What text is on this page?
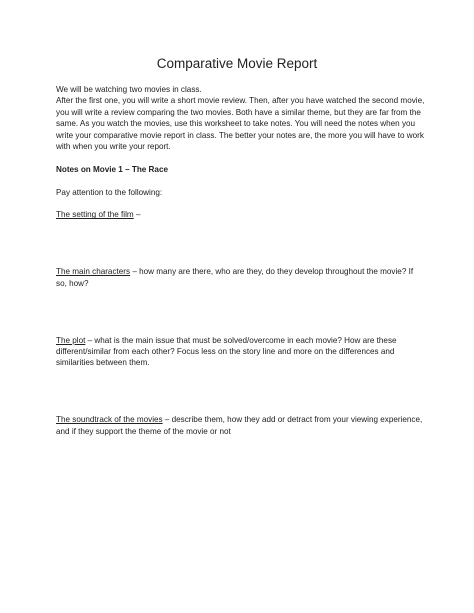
Comparative Movie Report

We will be watching two movies in class.

After the first one, you will write a short movie review. Then, after you have watched the second movie, you will write a review comparing the two movies. Both have a similar theme, but they are far from the same. As you watch the movies, use this worksheet to take notes. You will need the notes when you write your comparative movie report in class. The better your notes are, the more you will have to work with when you write your report.

Notes on Movie 1 – The Race

Pay attention to the following:

The setting of the film –

The main characters – how many are there, who are they, do they develop throughout the movie? If so, how?

The plot – what is the main issue that must be solved/overcome in each movie? How are these different/similar from each other? Focus less on the story line and more on the differences and similarities between them.

The soundtrack of the movies – describe them, how they add or detract from your viewing experience, and if they support the theme of the movie or not
